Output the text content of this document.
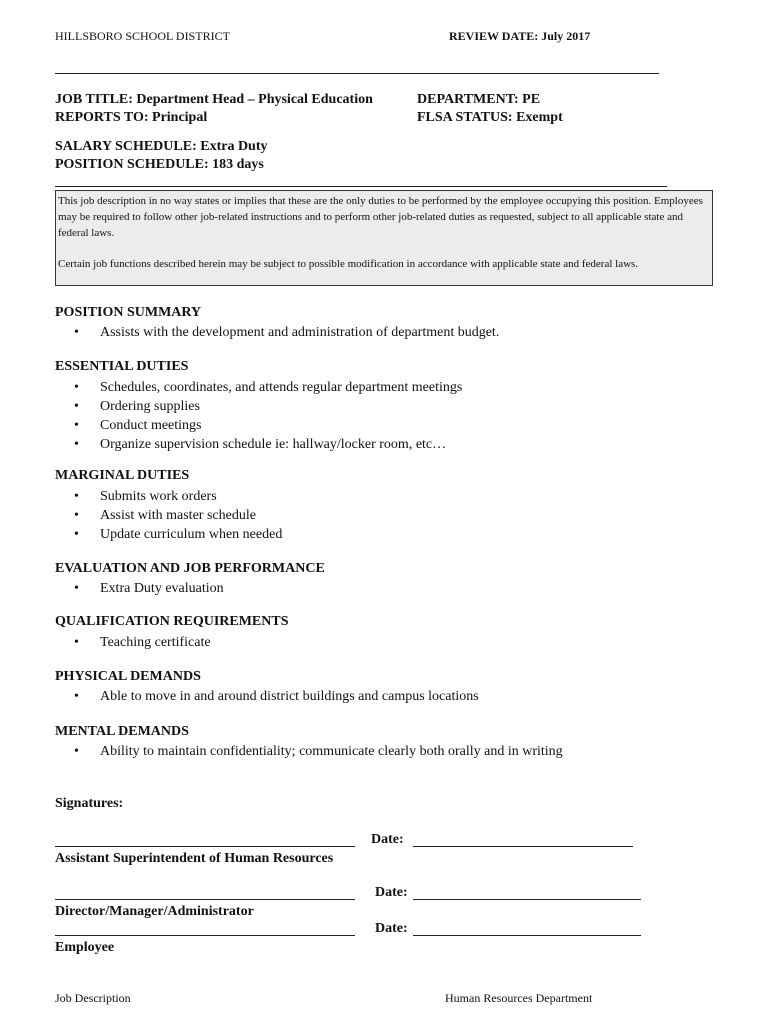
HILLSBORO SCHOOL DISTRICT	REVIEW DATE: July 2017
JOB TITLE: Department Head – Physical Education
REPORTS TO: Principal
DEPARTMENT: PE
FLSA STATUS: Exempt
SALARY SCHEDULE: Extra Duty
POSITION SCHEDULE: 183 days

This job description in no way states or implies that these are the only duties to be performed by the employee occupying this position. Employees may be required to follow other job-related instructions and to perform other job-related duties as requested, subject to all applicable state and federal laws.

Certain job functions described herein may be subject to possible modification in accordance with applicable state and federal laws.

POSITION SUMMARY
• Assists with the development and administration of department budget.
ESSENTIAL DUTIES
• Schedules, coordinates, and attends regular department meetings
• Ordering supplies
• Conduct meetings
• Organize supervision schedule ie: hallway/locker room, etc…
MARGINAL DUTIES
• Submits work orders
• Assist with master schedule
• Update curriculum when needed
EVALUATION AND JOB PERFORMANCE
• Extra Duty evaluation
QUALIFICATION REQUIREMENTS
• Teaching certificate
PHYSICAL DEMANDS
• Able to move in and around district buildings and campus locations
MENTAL DEMANDS
• Ability to maintain confidentiality; communicate clearly both orally and in writing
Signatures:
Date:
Assistant Superintendent of Human Resources
Date:
Director/Manager/Administrator
Date:
Employee
Job Description	Human Resources Department
